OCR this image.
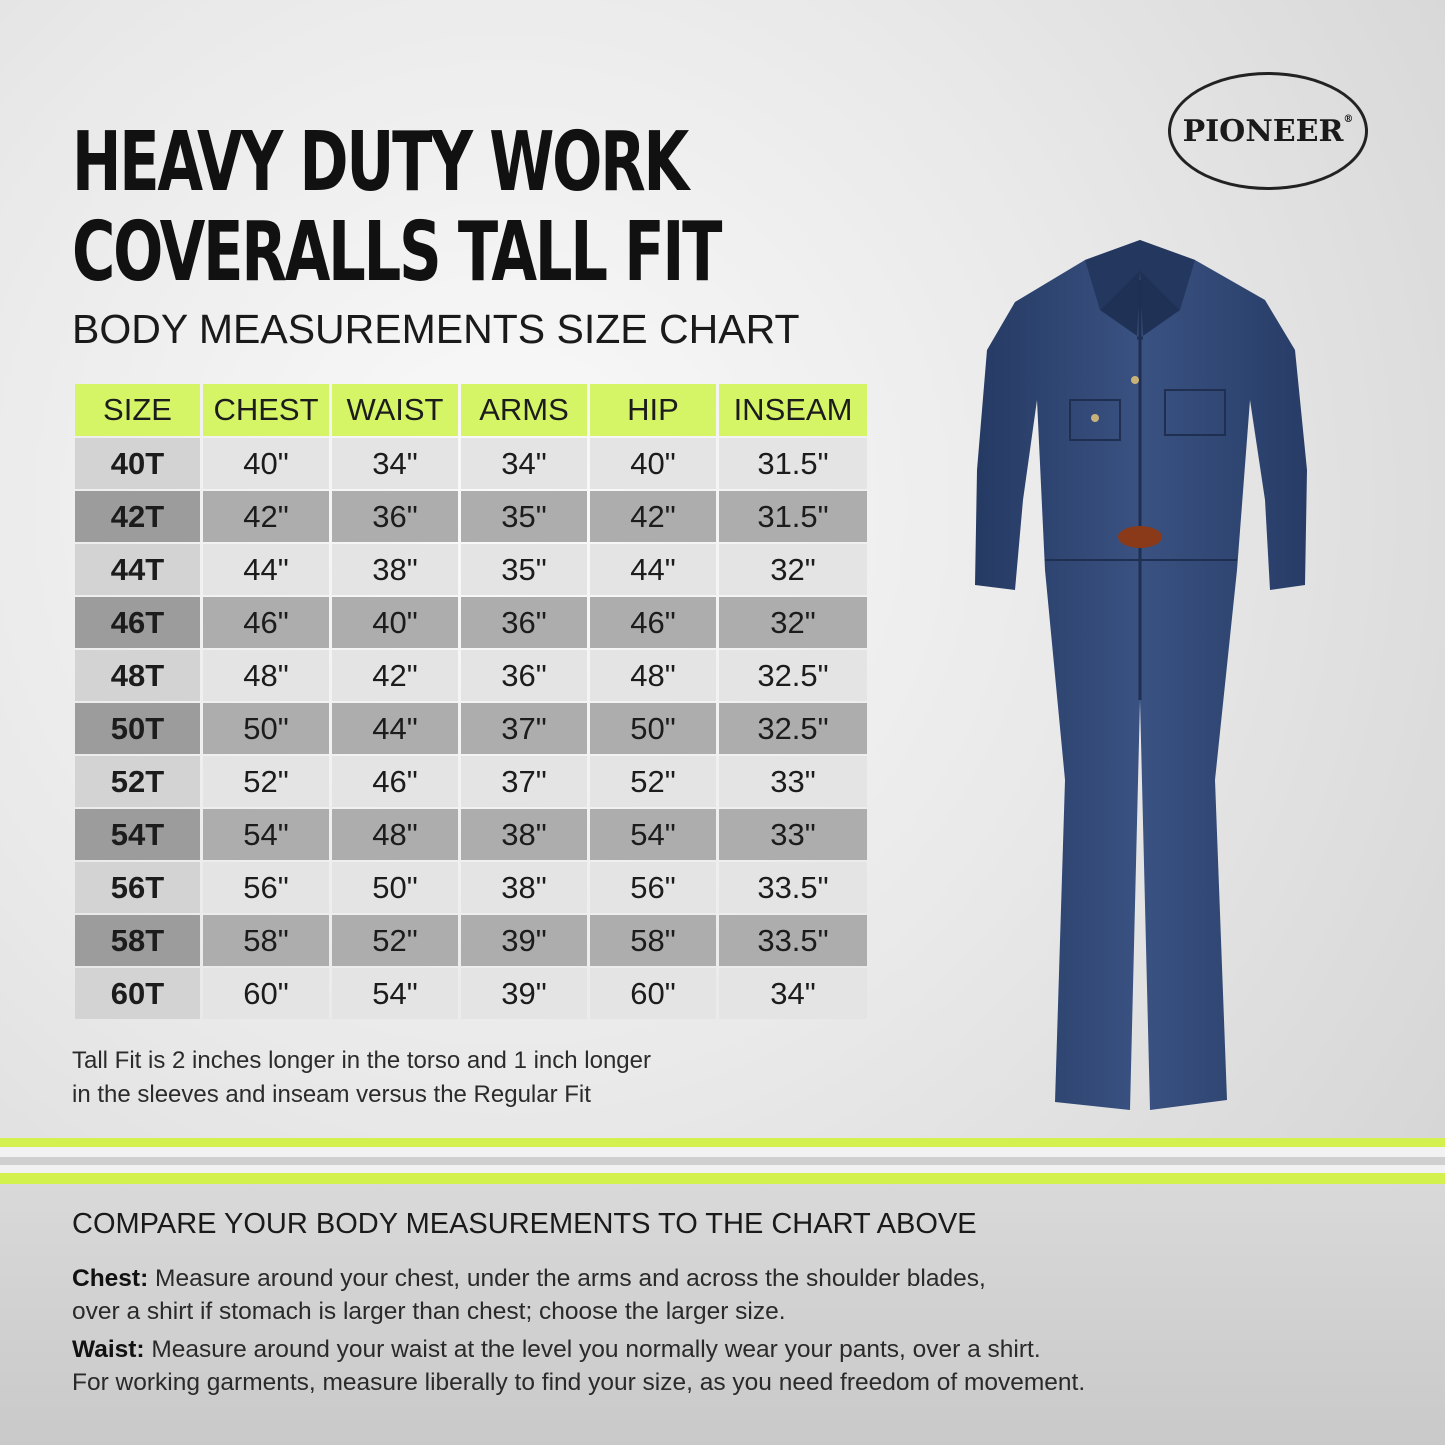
HEAVY DUTY WORK
COVERALLS TALL FIT
BODY MEASUREMENTS SIZE CHART
PIONEER®
SIZE	CHEST	WAIST	ARMS	HIP	INSEAM
40T	40"	34"	34"	40"	31.5"
42T	42"	36"	35"	42"	31.5"
44T	44"	38"	35"	44"	32"
46T	46"	40"	36"	46"	32"
48T	48"	42"	36"	48"	32.5"
50T	50"	44"	37"	50"	32.5"
52T	52"	46"	37"	52"	33"
54T	54"	48"	38"	54"	33"
56T	56"	50"	38"	56"	33.5"
58T	58"	52"	39"	58"	33.5"
60T	60"	54"	39"	60"	34"
Tall Fit is 2 inches longer in the torso and 1 inch longer
in the sleeves and inseam versus the Regular Fit
COMPARE YOUR BODY MEASUREMENTS TO THE CHART ABOVE
Chest: Measure around your chest, under the arms and across the shoulder blades,
over a shirt if stomach is larger than chest; choose the larger size.
Waist: Measure around your waist at the level you normally wear your pants, over a shirt.
For working garments, measure liberally to find your size, as you need freedom of movement.
